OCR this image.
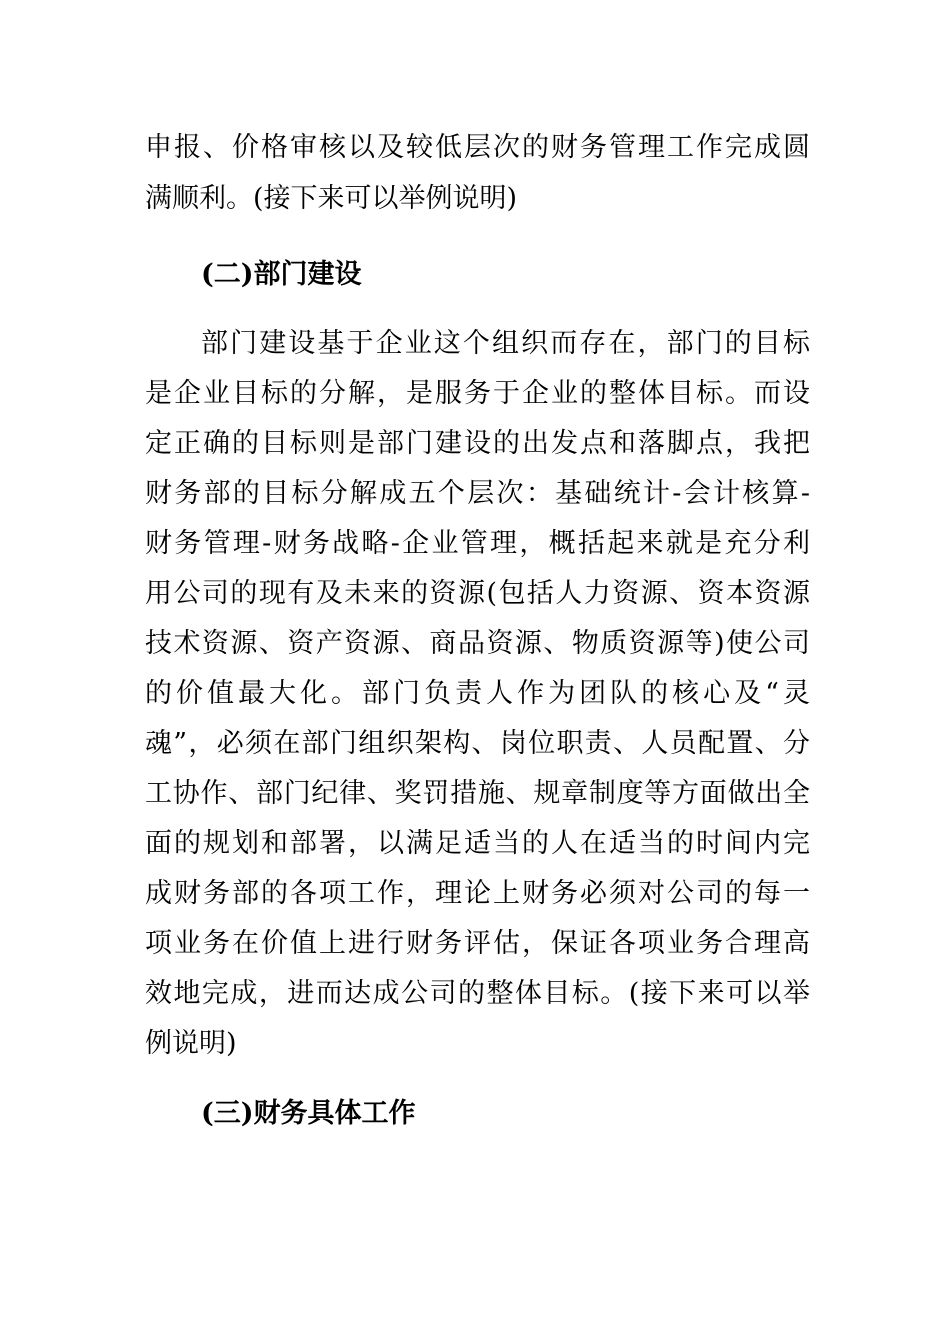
申报、价格审核以及较低层次的财务管理工作完成圆
满顺利。(接下来可以举例说明)
(二)部门建设
部门建设基于企业这个组织而存在，部门的目标
是企业目标的分解，是服务于企业的整体目标。而设
定正确的目标则是部门建设的出发点和落脚点，我把
财务部的目标分解成五个层次：基础统计-会计核算-
财务管理-财务战略-企业管理，概括起来就是充分利
用公司的现有及未来的资源(包括人力资源、资本资源
技术资源、资产资源、商品资源、物质资源等)使公司
的价值最大化。部门负责人作为团队的核心及“灵
魂”，必须在部门组织架构、岗位职责、人员配置、分
工协作、部门纪律、奖罚措施、规章制度等方面做出全
面的规划和部署，以满足适当的人在适当的时间内完
成财务部的各项工作，理论上财务必须对公司的每一
项业务在价值上进行财务评估，保证各项业务合理高
效地完成，进而达成公司的整体目标。(接下来可以举
例说明)
(三)财务具体工作
